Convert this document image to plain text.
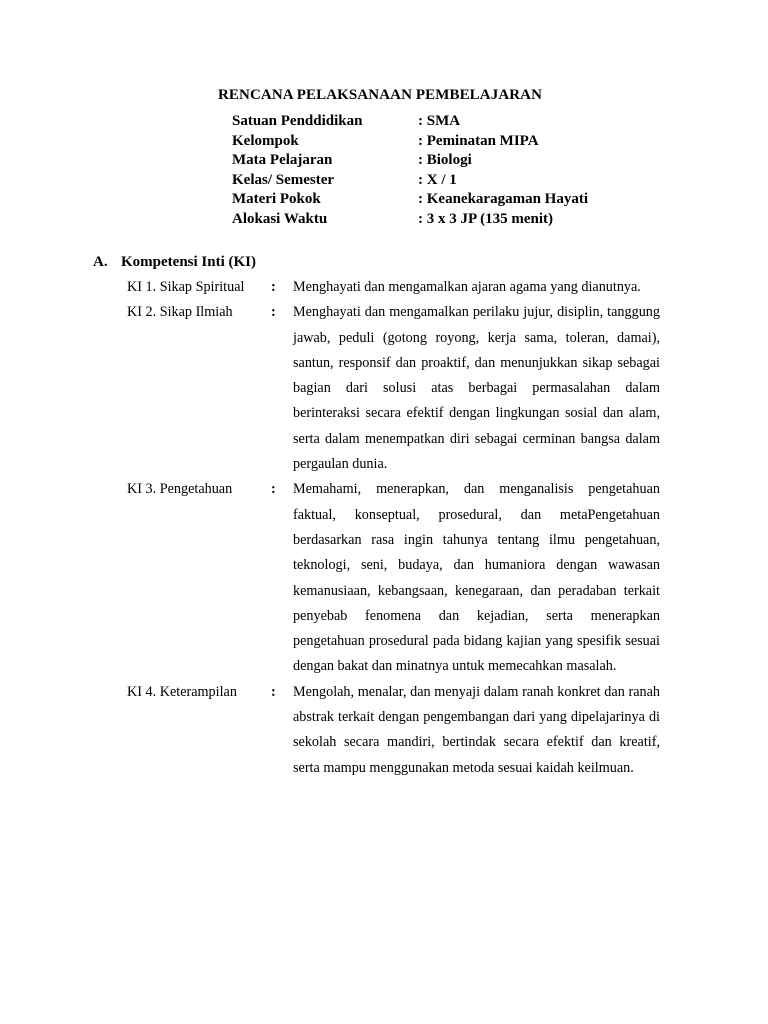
RENCANA PELAKSANAAN PEMBELAJARAN
Satuan Penddidikan	: SMA
Kelompok	: Peminatan MIPA
Mata Pelajaran	: Biologi
Kelas/ Semester	: X / 1
Materi Pokok	: Keanekaragaman Hayati
Alokasi Waktu	: 3 x 3 JP (135 menit)
A. Kompetensi Inti (KI)
KI 1. Sikap Spiritual	:	Menghayati dan mengamalkan ajaran agama yang dianutnya.
KI 2. Sikap Ilmiah	:	Menghayati dan mengamalkan perilaku jujur, disiplin, tanggung jawab, peduli (gotong royong, kerja sama, toleran, damai), santun, responsif dan proaktif, dan menunjukkan sikap sebagai bagian dari solusi atas berbagai permasalahan dalam berinteraksi secara efektif dengan lingkungan sosial dan alam, serta dalam menempatkan diri sebagai cerminan bangsa dalam pergaulan dunia.
KI 3. Pengetahuan	:	Memahami, menerapkan, dan menganalisis pengetahuan faktual, konseptual, prosedural, dan metaPengetahuan berdasarkan rasa ingin tahunya tentang ilmu pengetahuan, teknologi, seni, budaya, dan humaniora dengan wawasan kemanusiaan, kebangsaan, kenegaraan, dan peradaban terkait penyebab fenomena dan kejadian, serta menerapkan pengetahuan prosedural pada bidang kajian yang spesifik sesuai dengan bakat dan minatnya untuk memecahkan masalah.
KI 4. Keterampilan	:	Mengolah, menalar, dan menyaji dalam ranah konkret dan ranah abstrak terkait dengan pengembangan dari yang dipelajarinya di sekolah secara mandiri, bertindak secara efektif dan kreatif, serta mampu menggunakan metoda sesuai kaidah keilmuan.
